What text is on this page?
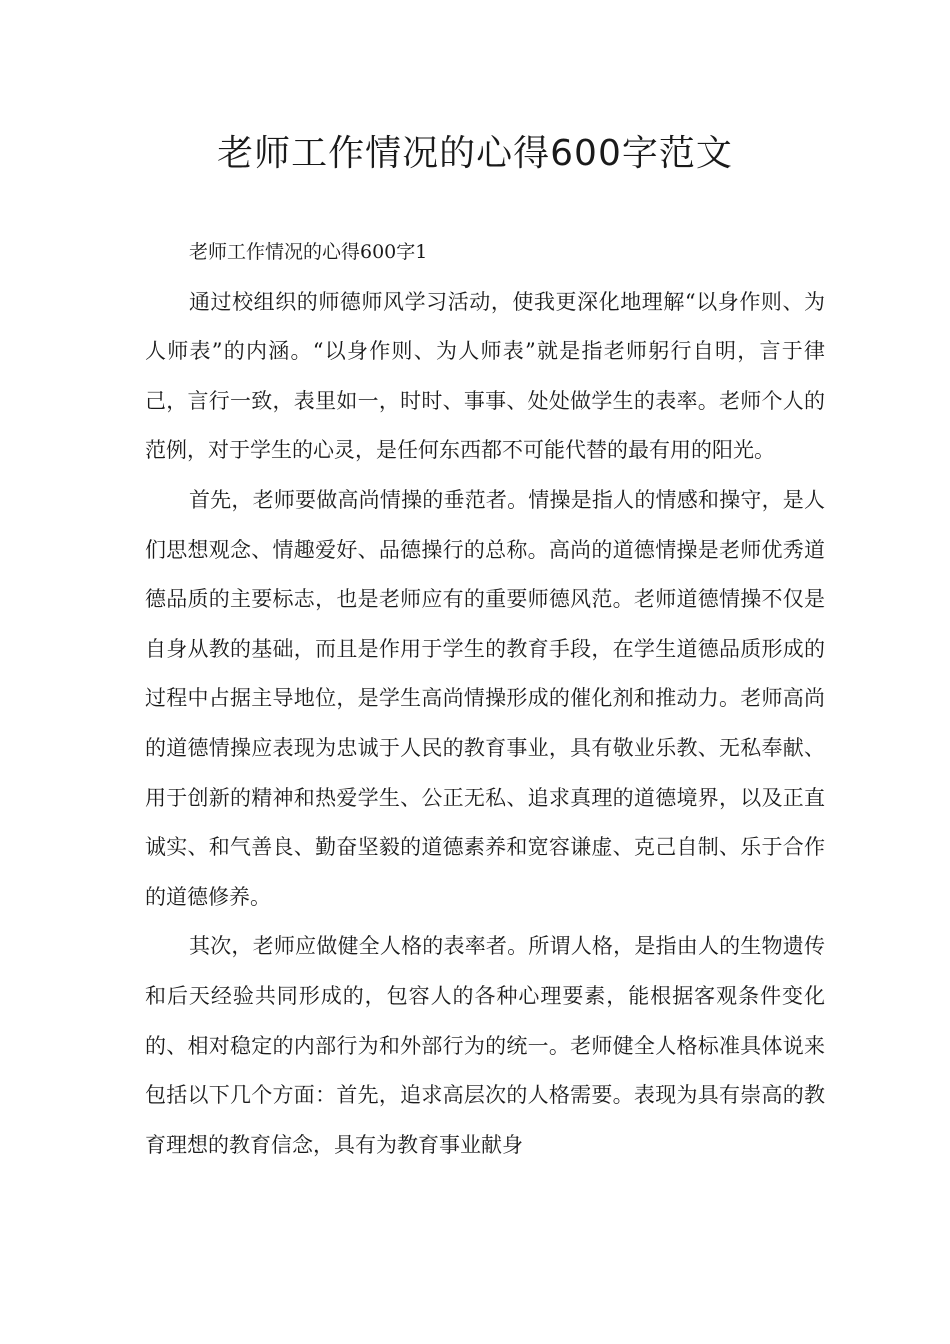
老师工作情况的心得600字范文

老师工作情况的心得600字1

通过校组织的师德师风学习活动，使我更深化地理解“以身作则、为人师表”的内涵。“以身作则、为人师表”就是指老师躬行自明，言于律己，言行一致，表里如一，时时、事事、处处做学生的表率。老师个人的范例，对于学生的心灵，是任何东西都不可能代替的最有用的阳光。

首先，老师要做高尚情操的垂范者。情操是指人的情感和操守，是人们思想观念、情趣爱好、品德操行的总称。高尚的道德情操是老师优秀道德品质的主要标志，也是老师应有的重要师德风范。老师道德情操不仅是自身从教的基础，而且是作用于学生的教育手段，在学生道德品质形成的过程中占据主导地位，是学生高尚情操形成的催化剂和推动力。老师高尚的道德情操应表现为忠诚于人民的教育事业，具有敬业乐教、无私奉献、用于创新的精神和热爱学生、公正无私、追求真理的道德境界，以及正直诚实、和气善良、勤奋坚毅的道德素养和宽容谦虚、克己自制、乐于合作的道德修养。

其次，老师应做健全人格的表率者。所谓人格，是指由人的生物遗传和后天经验共同形成的，包容人的各种心理要素，能根据客观条件变化的、相对稳定的内部行为和外部行为的统一。老师健全人格标准具体说来包括以下几个方面：首先，追求高层次的人格需要。表现为具有崇高的教育理想的教育信念，具有为教育事业献身
